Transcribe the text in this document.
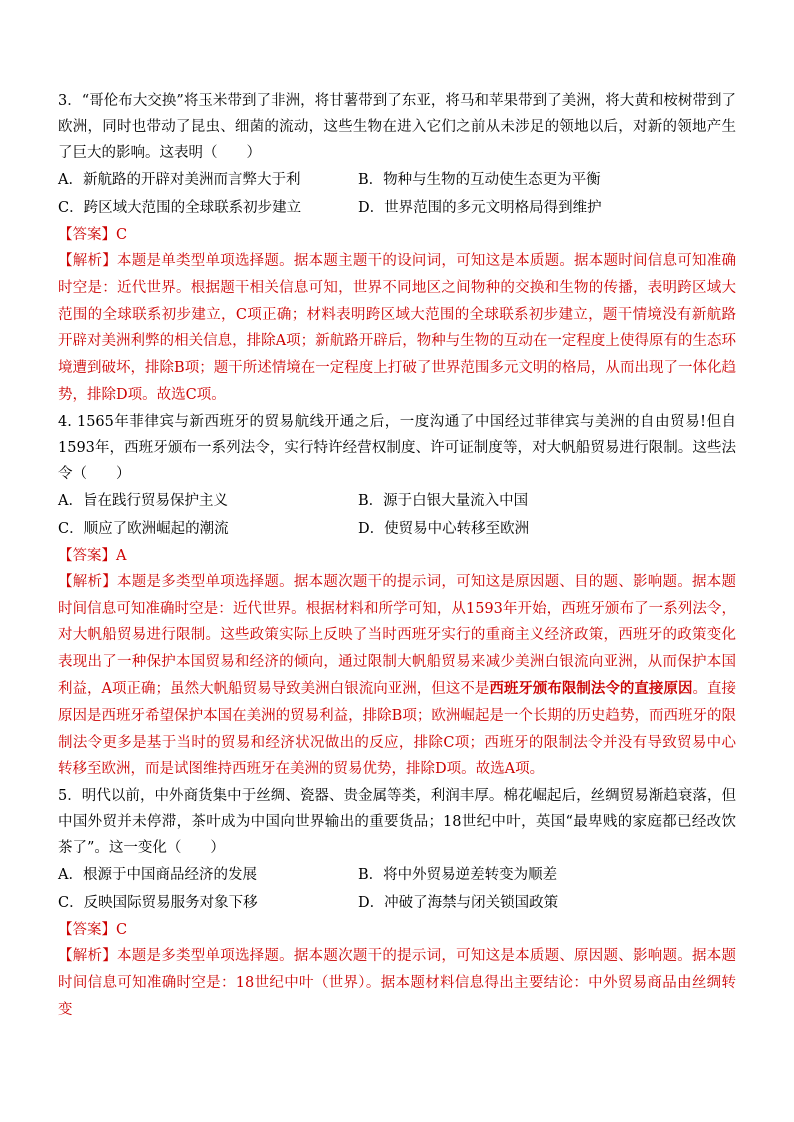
3．“哥伦布大交换”将玉米带到了非洲，将甘薯带到了东亚，将马和苹果带到了美洲，将大黄和桉树带到了欧洲，同时也带动了昆虫、细菌的流动，这些生物在进入它们之前从未涉足的领地以后，对新的领地产生了巨大的影响。这表明（　　）

A．新航路的开辟对美洲而言弊大于利	B．物种与生物的互动使生态更为平衡
C．跨区域大范围的全球联系初步建立	D．世界范围的多元文明格局得到维护

【答案】C

【解析】本题是单类型单项选择题。据本题主题干的设问词，可知这是本质题。据本题时间信息可知准确时空是：近代世界。根据题干相关信息可知，世界不同地区之间物种的交换和生物的传播，表明跨区域大范围的全球联系初步建立，C项正确；材料表明跨区域大范围的全球联系初步建立，题干情境没有新航路开辟对美洲利弊的相关信息，排除A项；新航路开辟后，物种与生物的互动在一定程度上使得原有的生态环境遭到破坏，排除B项；题干所述情境在一定程度上打破了世界范围多元文明的格局，从而出现了一体化趋势，排除D项。故选C项。

4. 1565年菲律宾与新西班牙的贸易航线开通之后，一度沟通了中国经过菲律宾与美洲的自由贸易!但自1593年，西班牙颁布一系列法令，实行特许经营权制度、许可证制度等，对大帆船贸易进行限制。这些法令（　　）

A．旨在践行贸易保护主义	B．源于白银大量流入中国
C．顺应了欧洲崛起的潮流	D．使贸易中心转移至欧洲

【答案】A

【解析】本题是多类型单项选择题。据本题次题干的提示词，可知这是原因题、目的题、影响题。据本题时间信息可知准确时空是：近代世界。根据材料和所学可知，从1593年开始，西班牙颁布了一系列法令，对大帆船贸易进行限制。这些政策实际上反映了当时西班牙实行的重商主义经济政策，西班牙的政策变化表现出了一种保护本国贸易和经济的倾向，通过限制大帆船贸易来减少美洲白银流向亚洲，从而保护本国利益，A项正确；虽然大帆船贸易导致美洲白银流向亚洲，但这不是西班牙颁布限制法令的直接原因。直接原因是西班牙希望保护本国在美洲的贸易利益，排除B项；欧洲崛起是一个长期的历史趋势，而西班牙的限制法令更多是基于当时的贸易和经济状况做出的反应，排除C项；西班牙的限制法令并没有导致贸易中心转移至欧洲，而是试图维持西班牙在美洲的贸易优势，排除D项。故选A项。

5．明代以前，中外商货集中于丝绸、瓷器、贵金属等类，利润丰厚。棉花崛起后，丝绸贸易渐趋衰落，但中国外贸并未停滞，茶叶成为中国向世界输出的重要货品；18世纪中叶，英国“最卑贱的家庭都已经改饮茶了”。这一变化（　　）

A．根源于中国商品经济的发展	B．将中外贸易逆差转变为顺差
C．反映国际贸易服务对象下移	D．冲破了海禁与闭关锁国政策

【答案】C

【解析】本题是多类型单项选择题。据本题次题干的提示词，可知这是本质题、原因题、影响题。据本题时间信息可知准确时空是：18世纪中叶（世界）。据本题材料信息得出主要结论：中外贸易商品由丝绸转变
